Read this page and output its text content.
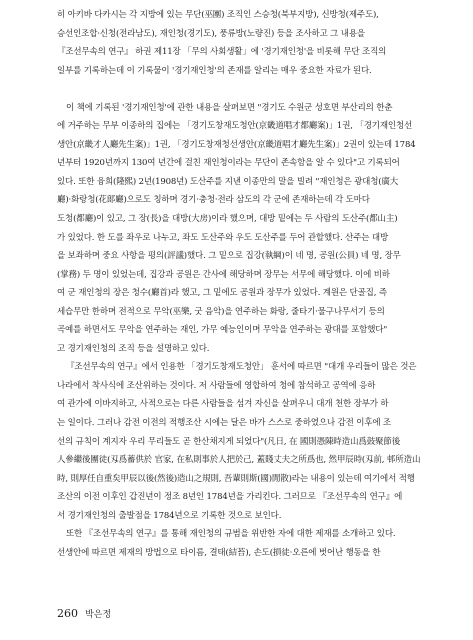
히 아키바 다카시는 각 지방에 있는 무단(巫團) 조직인 스승청(북부지방), 신방청(제주도),

승선인조합·신청(전라남도), 재인청(경기도), 풍류방(노량진) 등을 조사하고 그 내용을

『조선무속의 연구』 하권 제11장 「무의 사회생활」에 '경기재인청'을 비롯해 무단 조직의

일부를 기록하는데 이 기록물이 '경기재인청'의 존재를 알리는 매우 중요한 자료가 된다.

이 책에 기록된 '경기재인청'에 관한 내용을 살펴보면 "경기도 수원군 성호면 부산리의 한춘

에 거주하는 무부 이종하의 집에는 「경기도창재도청안(京畿道唱才都廳案)」1권, 「경기재인청선

생안(京畿才人廳先生案)」1권, 「경기도창재청선생안(京畿道唱才廳先生案)」2권이 있는데 1784

년부터 1920년까지 130여 년간에 걸친 재인청이라는 무단이 존속함을 알 수 있다"고 기록되어

있다. 또한 융희(隆熙) 2년(1908년) 도산주를 지낸 이종만의 말을 빌려 "재인청은 광대청(廣大

廳)·화랑청(花郞廳)으로도 칭하며 경기·충청·전라 삼도의 각 군에 존재하는데 각 도마다

도청(都廳)이 있고, 그 장(長)을 대방(大房)이라 했으며, 대방 밑에는 두 사람의 도산주(都山主)

가 있었다. 한 도를 좌우로 나누고, 좌도 도산주와 우도 도산주를 두어 관할했다. 산주는 대방

을 보좌하며 중요 사항을 평의(評議)했다. 그 밑으로 집강(執綱)이 네 명, 공원(公員) 네 명, 장무

(掌務) 두 명이 있었는데, 집강과 공원은 간사에 해당하며 장무는 서무에 해당했다. 이에 비하

여 군 재인청의 장은 청수(廳首)라 했고, 그 밑에도 공원과 장무가 있었다. 계원은 단골집, 즉

세습무만 한하며 전적으로 무악(巫樂, 굿 음악)을 연주하는 화랑, 줄타기·물구나무서기 등의

곡예를 하면서도 무악을 연주하는 재인, 가무 예능인이며 무악을 연주하는 광대를 포함했다"

고 경기재인청의 조직 등을 설명하고 있다.

『조선무속의 연구』에서 인용한 「경기도창재도청안」 훈서에 따르면 "대개 우리들이 많은 것은

나라에서 착사식에 조산위하는 것이다. 저 사람들에 영합하여 청에 참석하고 공역에 응하

여 관가에 이바지하고, 사적으로는 다른 사람들을 섬겨 자신을 살펴우니 대개 천한 장부가 하

는 일이다. 그러나 감전 이전의 적행조산 시에는 달은 바가 스스로 중하였으나 감전 이후에 조

선의 규칙이 계지자 우리 무리들도 곧 한산채지게 되었다"(凡日, 在 國則憑陳時造山爲鼓聚節後

人參繼後團徒(刄爲蓄供於 官家, 在私則事於人把於己, 蓋賤丈夫之所爲也, 然甲辰時(刄前, 邨所造山

時, 則厚任自重矣甲辰以後(然後)造山之規則, 吾輩則斯(國)閒散)라는 내용이 있는데 여기에서 적행

조산의 이전 이후인 갑진년이 정조 8년인 1784년을 가리킨다. 그러므로 『조선무속의 연구』에

서 경기재인청의 출발점을 1784년으로 기록한 것으로 보인다.

또한 『조선무속의 연구』를 통해 재인청의 규범을 위반한 자에 대한 제재를 소개하고 있다.

선생안에 따르면 제재의 방법으로 타이름, 결태(結苔), 손도(損徒·오른에 벗어난 행동을 한

260 박은정
